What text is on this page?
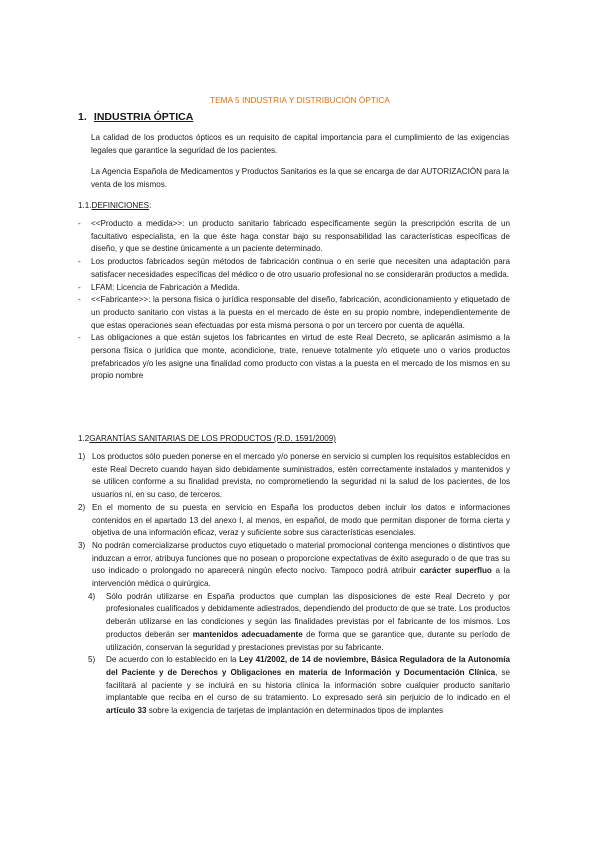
TEMA 5 INDUSTRIA Y DISTRIBUCIÓN ÓPTICA
1. INDUSTRIA ÓPTICA
La calidad de los productos ópticos es un requisito de capital importancia para el cumplimiento de las exigencias legales que garantice la seguridad de los pacientes.
La Agencia Española de Medicamentos y Productos Sanitarios es la que se encarga de dar AUTORIZACIÓN para la venta de los mismos.
1.1.DEFINICIONES:
- <<Producto a medida>>: un producto sanitario fabricado específicamente según la prescripción escrita de un facultativo especialista, en la que éste haga constar bajo su responsabilidad las características específicas de diseño, y que se destine únicamente a un paciente determinado.
- Los productos fabricados según métodos de fabricación continua o en serie que necesiten una adaptación para satisfacer necesidades específicas del médico o de otro usuario profesional no se considerarán productos a medida.
- LFAM: Licencia de Fabricación a Medida.
- <<Fabricante>>: la persona física o jurídica responsable del diseño, fabricación, acondicionamiento y etiquetado de un producto sanitario con vistas a la puesta en el mercado de éste en su propio nombre, independientemente de que estas operaciones sean efectuadas por esta misma persona o por un tercero por cuenta de aquélla.
- Las obligaciones a que están sujetos los fabricantes en virtud de este Real Decreto, se aplicarán asimismo a la persona física o jurídica que monte, acondicione, trate, renueve totalmente y/o etiquete uno o varios productos prefabricados y/o les asigne una finalidad como producto con vistas a la puesta en el mercado de los mismos en su propio nombre
1.2GARANTÍAS SANITARIAS DE LOS PRODUCTOS (R.D. 1591/2009)
1) Los productos sólo pueden ponerse en el mercado y/o ponerse en servicio si cumplen los requisitos establecidos en este Real Decreto cuando hayan sido debidamente suministrados, estén correctamente instalados y mantenidos y se utilicen conforme a su finalidad prevista, no comprometiendo la seguridad ni la salud de los pacientes, de los usuarios ni, en su caso, de terceros.
2) En el momento de su puesta en servicio en España los productos deben incluir los datos e informaciones contenidos en el apartado 13 del anexo I, al menos, en español, de modo que permitan disponer de forma cierta y objetiva de una información eficaz, veraz y suficiente sobre sus características esenciales.
3) No podrán comercializarse productos cuyo etiquetado o material promocional contenga menciones o distintivos que induzcan a error, atribuya funciones que no posean o proporcione expectativas de éxito asegurado o de que tras su uso indicado o prolongado no aparecerá ningún efecto nocivo. Tampoco podrá atribuir carácter superfluo a la intervención médica o quirúrgica.
4) Sólo podrán utilizarse en España productos que cumplan las disposiciones de este Real Decreto y por profesionales cualificados y debidamente adiestrados, dependiendo del producto de que se trate. Los productos deberán utilizarse en las condiciones y según las finalidades previstas por el fabricante de los mismos. Los productos deberán ser mantenidos adecuadamente de forma que se garantice que, durante su período de utilización, conservan la seguridad y prestaciones previstas por su fabricante.
5) De acuerdo con lo establecido en la Ley 41/2002, de 14 de noviembre, Básica Reguladora de la Autonomía del Paciente y de Derechos y Obligaciones en materia de Información y Documentación Clínica, se facilitará al paciente y se incluirá en su historia clínica la información sobre cualquier producto sanitario implantable que reciba en el curso de su tratamiento. Lo expresado será sin perjuicio de lo indicado en el artículo 33 sobre la exigencia de tarjetas de implantación en determinados tipos de implantes
